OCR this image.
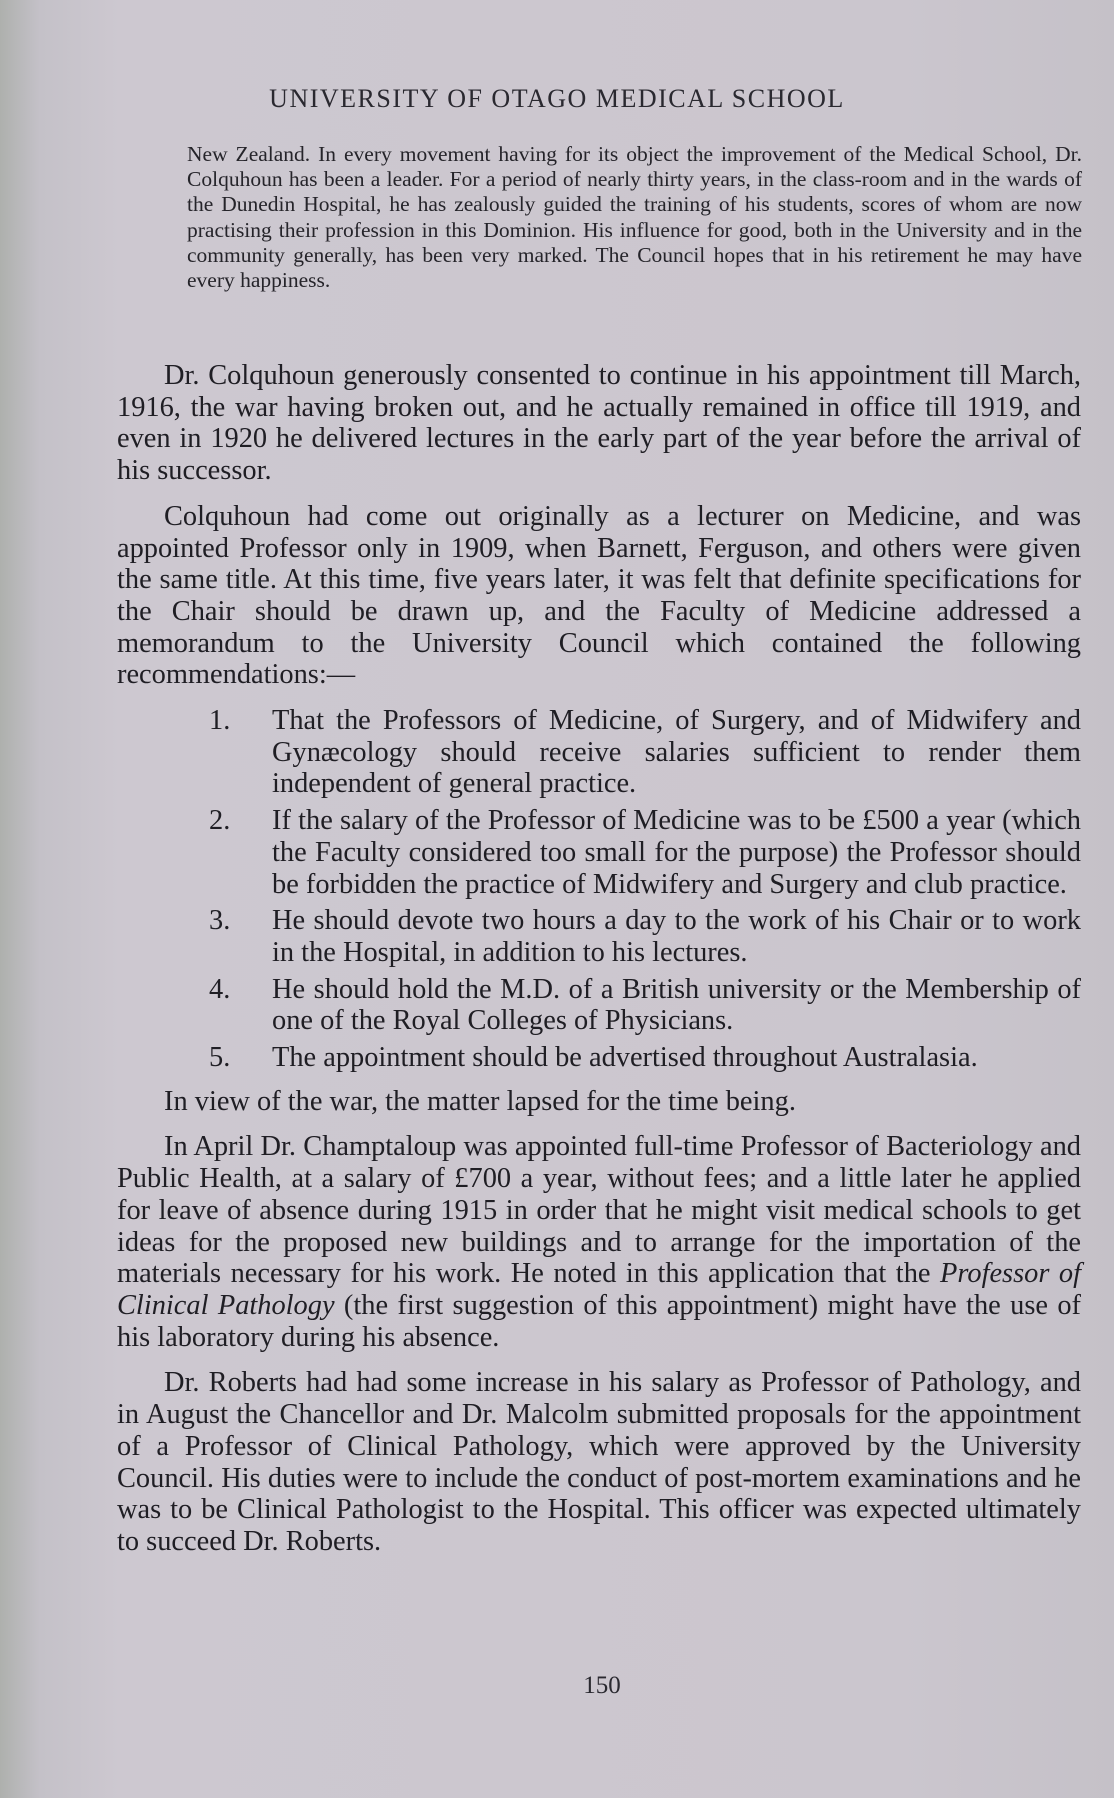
UNIVERSITY OF OTAGO MEDICAL SCHOOL

New Zealand. In every movement having for its object the improvement of the Medical School, Dr. Colquhoun has been a leader. For a period of nearly thirty years, in the class-room and in the wards of the Dunedin Hospital, he has zealously guided the training of his students, scores of whom are now practising their profession in this Dominion. His influence for good, both in the University and in the community generally, has been very marked. The Council hopes that in his retirement he may have every happiness.

Dr. Colquhoun generously consented to continue in his appointment till March, 1916, the war having broken out, and he actually remained in office till 1919, and even in 1920 he delivered lectures in the early part of the year before the arrival of his successor.

Colquhoun had come out originally as a lecturer on Medicine, and was appointed Professor only in 1909, when Barnett, Ferguson, and others were given the same title. At this time, five years later, it was felt that definite specifications for the Chair should be drawn up, and the Faculty of Medicine addressed a memorandum to the University Council which contained the following recommendations:—

1. That the Professors of Medicine, of Surgery, and of Midwifery and Gynæcology should receive salaries sufficient to render them independent of general practice.
2. If the salary of the Professor of Medicine was to be £500 a year (which the Faculty considered too small for the purpose) the Professor should be forbidden the practice of Midwifery and Surgery and club practice.
3. He should devote two hours a day to the work of his Chair or to work in the Hospital, in addition to his lectures.
4. He should hold the M.D. of a British university or the Membership of one of the Royal Colleges of Physicians.
5. The appointment should be advertised throughout Australasia.

In view of the war, the matter lapsed for the time being.

In April Dr. Champtaloup was appointed full-time Professor of Bacteriology and Public Health, at a salary of £700 a year, without fees; and a little later he applied for leave of absence during 1915 in order that he might visit medical schools to get ideas for the proposed new buildings and to arrange for the importation of the materials necessary for his work. He noted in this application that the Professor of Clinical Pathology (the first suggestion of this appointment) might have the use of his laboratory during his absence.

Dr. Roberts had had some increase in his salary as Professor of Pathology, and in August the Chancellor and Dr. Malcolm submitted proposals for the appointment of a Professor of Clinical Pathology, which were approved by the University Council. His duties were to include the conduct of post-mortem examinations and he was to be Clinical Pathologist to the Hospital. This officer was expected ultimately to succeed Dr. Roberts.

150
